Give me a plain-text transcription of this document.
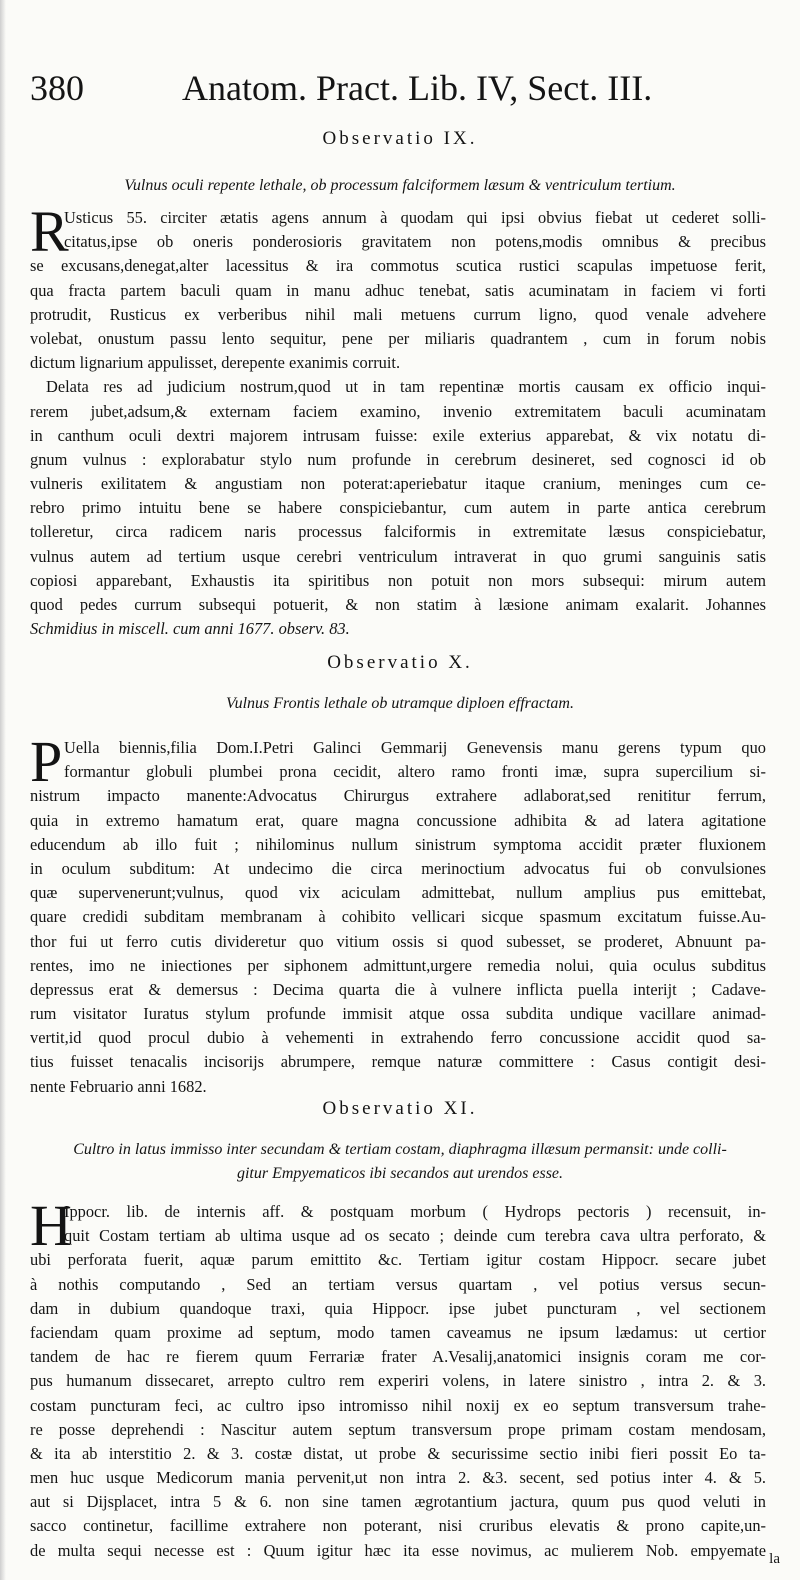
380	Anatom. Pract. Lib. IV, Sect. III.
Observatio IX.
Vulnus oculi repente lethale, ob processum falciformem læsum & ventriculum tertium.
R
Usticus 55. circiter ætatis agens annum à quodam qui ipsi obvius fiebat ut cederet solli-
citatus,ipse ob oneris ponderosioris gravitatem non potens,modis omnibus & precibus
se excusans,denegat,alter lacessitus & ira commotus scutica rustici scapulas impetuose ferit,
qua fracta partem baculi quam in manu adhuc tenebat, satis acuminatam in faciem vi forti
protrudit, Rusticus ex verberibus nihil mali metuens currum ligno, quod venale advehere
volebat, onustum passu lento sequitur, pene per miliaris quadrantem , cum in forum nobis
dictum lignarium appulisset, derepente exanimis corruit.
Delata res ad judicium nostrum,quod ut in tam repentinæ mortis causam ex officio inqui-
rerem jubet,adsum,& externam faciem examino, invenio extremitatem baculi acuminatam
in canthum oculi dextri majorem intrusam fuisse: exile exterius apparebat, & vix notatu di-
gnum vulnus : explorabatur stylo num profunde in cerebrum desineret, sed cognosci id ob
vulneris exilitatem & angustiam non poterat:aperiebatur itaque cranium, meninges cum ce-
rebro primo intuitu bene se habere conspiciebantur, cum autem in parte antica cerebrum
tolleretur, circa radicem naris processus falciformis in extremitate læsus conspiciebatur,
vulnus autem ad tertium usque cerebri ventriculum intraverat in quo grumi sanguinis satis
copiosi apparebant, Exhaustis ita spiritibus non potuit non mors subsequi: mirum autem
quod pedes currum subsequi potuerit, & non statim à læsione animam exalarit. Johannes
Schmidius in miscell. cum anni 1677. observ. 83.
Observatio X.
Vulnus Frontis lethale ob utramque diploen effractam.
P Uella biennis,filia Dom.I.Petri Galinci Gemmarij Genevensis manu gerens typum quo
formantur globuli plumbei prona cecidit, altero ramo fronti imæ, supra supercilium si-
nistrum impacto manente:Advocatus Chirurgus extrahere adlaborat,sed renititur ferrum,
quia in extremo hamatum erat, quare magna concussione adhibita & ad latera agitatione
educendum ab illo fuit ; nihilominus nullum sinistrum symptoma accidit præter fluxionem
in oculum subditum: At undecimo die circa merinoctium advocatus fui ob convulsiones
quæ supervenerunt;vulnus, quod vix aciculam admittebat, nullum amplius pus emittebat,
quare credidi subditam membranam à cohibito vellicari sicque spasmum excitatum fuisse.Au-
thor fui ut ferro cutis divideretur quo vitium ossis si quod subesset, se proderet, Abnuunt pa-
rentes, imo ne iniectiones per siphonem admittunt,urgere remedia nolui, quia oculus subditus
depressus erat & demersus : Decima quarta die à vulnere inflicta puella interijt ; Cadave-
rum visitator Iuratus stylum profunde immisit atque ossa subdita undique vacillare animad-
vertit,id quod procul dubio à vehementi in extrahendo ferro concussione accidit quod sa-
tius fuisset tenacalis incisorijs abrumpere, remque naturæ committere : Casus contigit desi-
nente Februario anni 1682.
Observatio XI.
Cultro in latus immisso inter secundam & tertiam costam, diaphragma illæsum permansit: unde colli-
gitur Empyematicos ibi secandos aut urendos esse.
H
Ippocr. lib. de internis aff. & postquam morbum ( Hydrops pectoris ) recensuit, in-
quit Costam tertiam ab ultima usque ad os secato ; deinde cum terebra cava ultra perforato, &
ubi perforata fuerit, aquæ parum emittito &c. Tertiam igitur costam Hippocr. secare jubet
à nothis computando , Sed an tertiam versus quartam , vel potius versus secun-
dam in dubium quandoque traxi, quia Hippocr. ipse jubet puncturam , vel sectionem
faciendam quam proxime ad septum, modo tamen caveamus ne ipsum lædamus: ut certior
tandem de hac re fierem quum Ferrariæ frater A.Vesalij,anatomici insignis coram me cor-
pus humanum dissecaret, arrepto cultro rem experiri volens, in latere sinistro , intra 2. & 3.
costam puncturam feci, ac cultro ipso intromisso nihil noxij ex eo septum transversum trahe-
re posse deprehendi : Nascitur autem septum transversum prope primam costam mendosam,
& ita ab interstitio 2. & 3. costæ distat, ut probe & securissime sectio inibi fieri possit Eo ta-
men huc usque Medicorum mania pervenit,ut non intra 2. &3. secent, sed potius inter 4. & 5.
aut si Dijsplacet, intra 5 & 6. non sine tamen ægrotantium jactura, quum pus quod veluti in
sacco continetur, facillime extrahere non poterant, nisi cruribus elevatis & prono capite,un-
de multa sequi necesse est : Quum igitur hæc ita esse novimus, ac mulierem Nob. empyemate la
